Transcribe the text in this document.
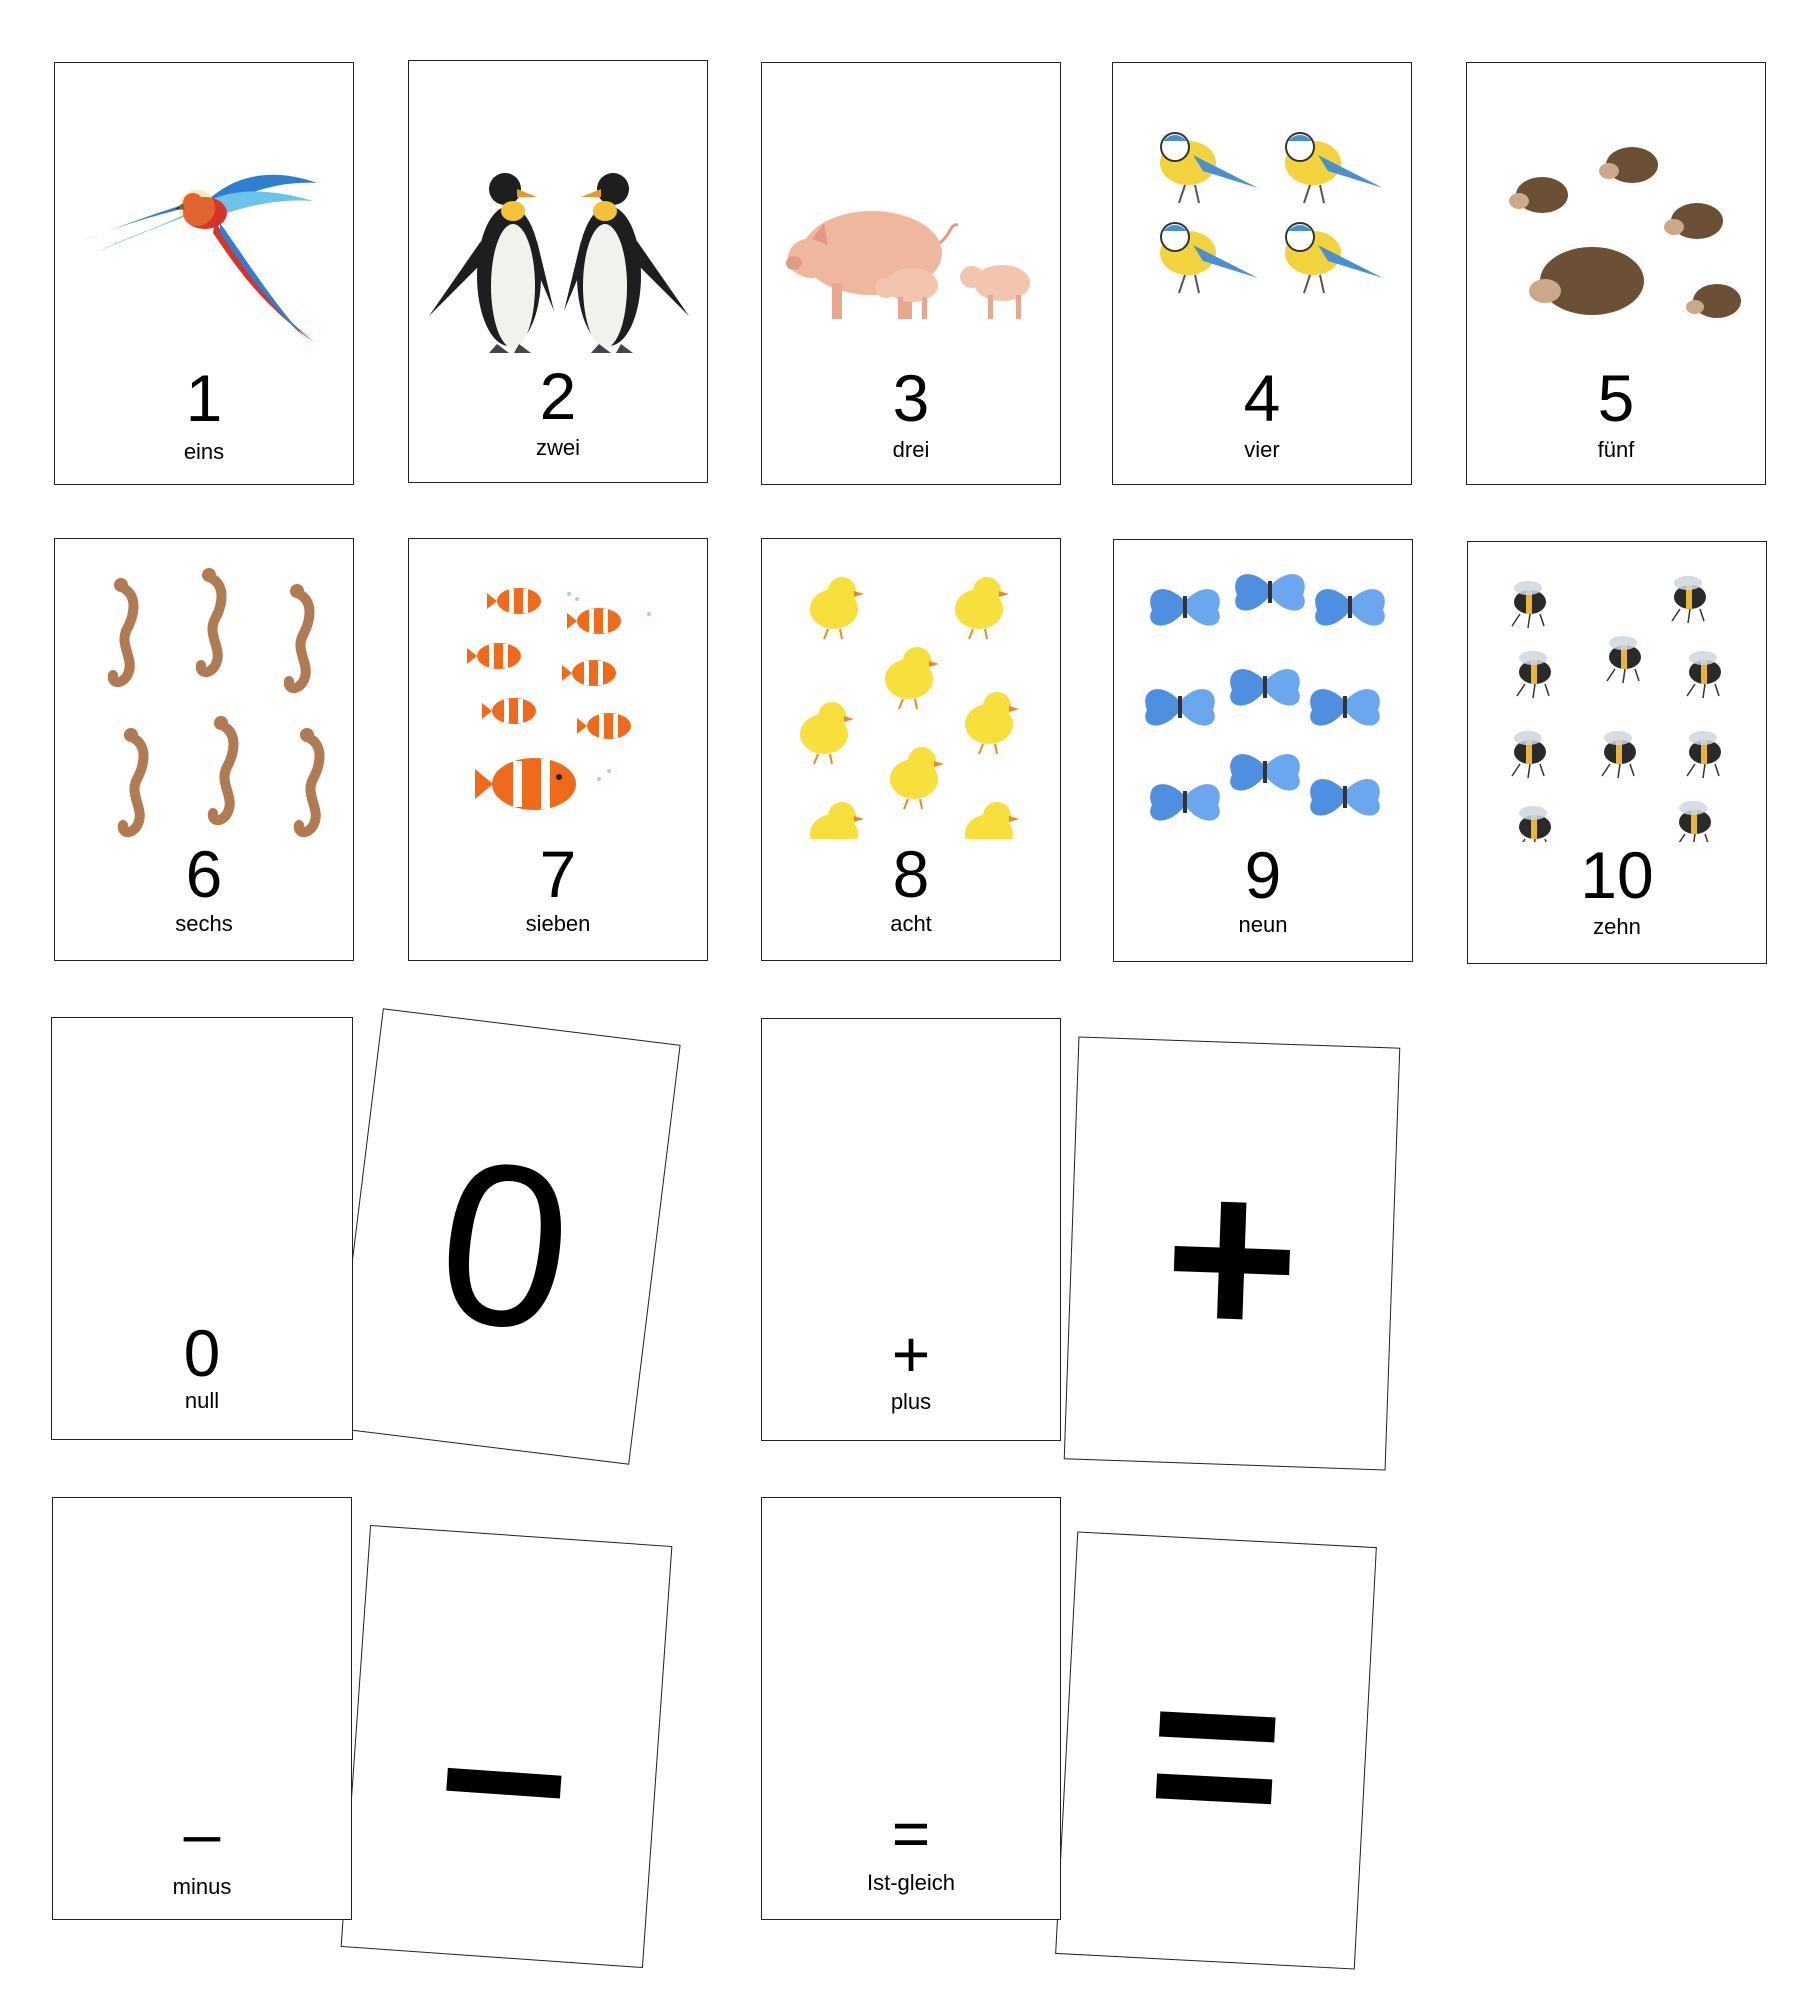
1
eins
2
zwei
3
drei
4
vier
5
fünf
6
sechs
7
sieben
8
acht
9
neun
10
zehn
0
0
null
+
+
plus
–
–
minus
=
=
Ist-gleich
